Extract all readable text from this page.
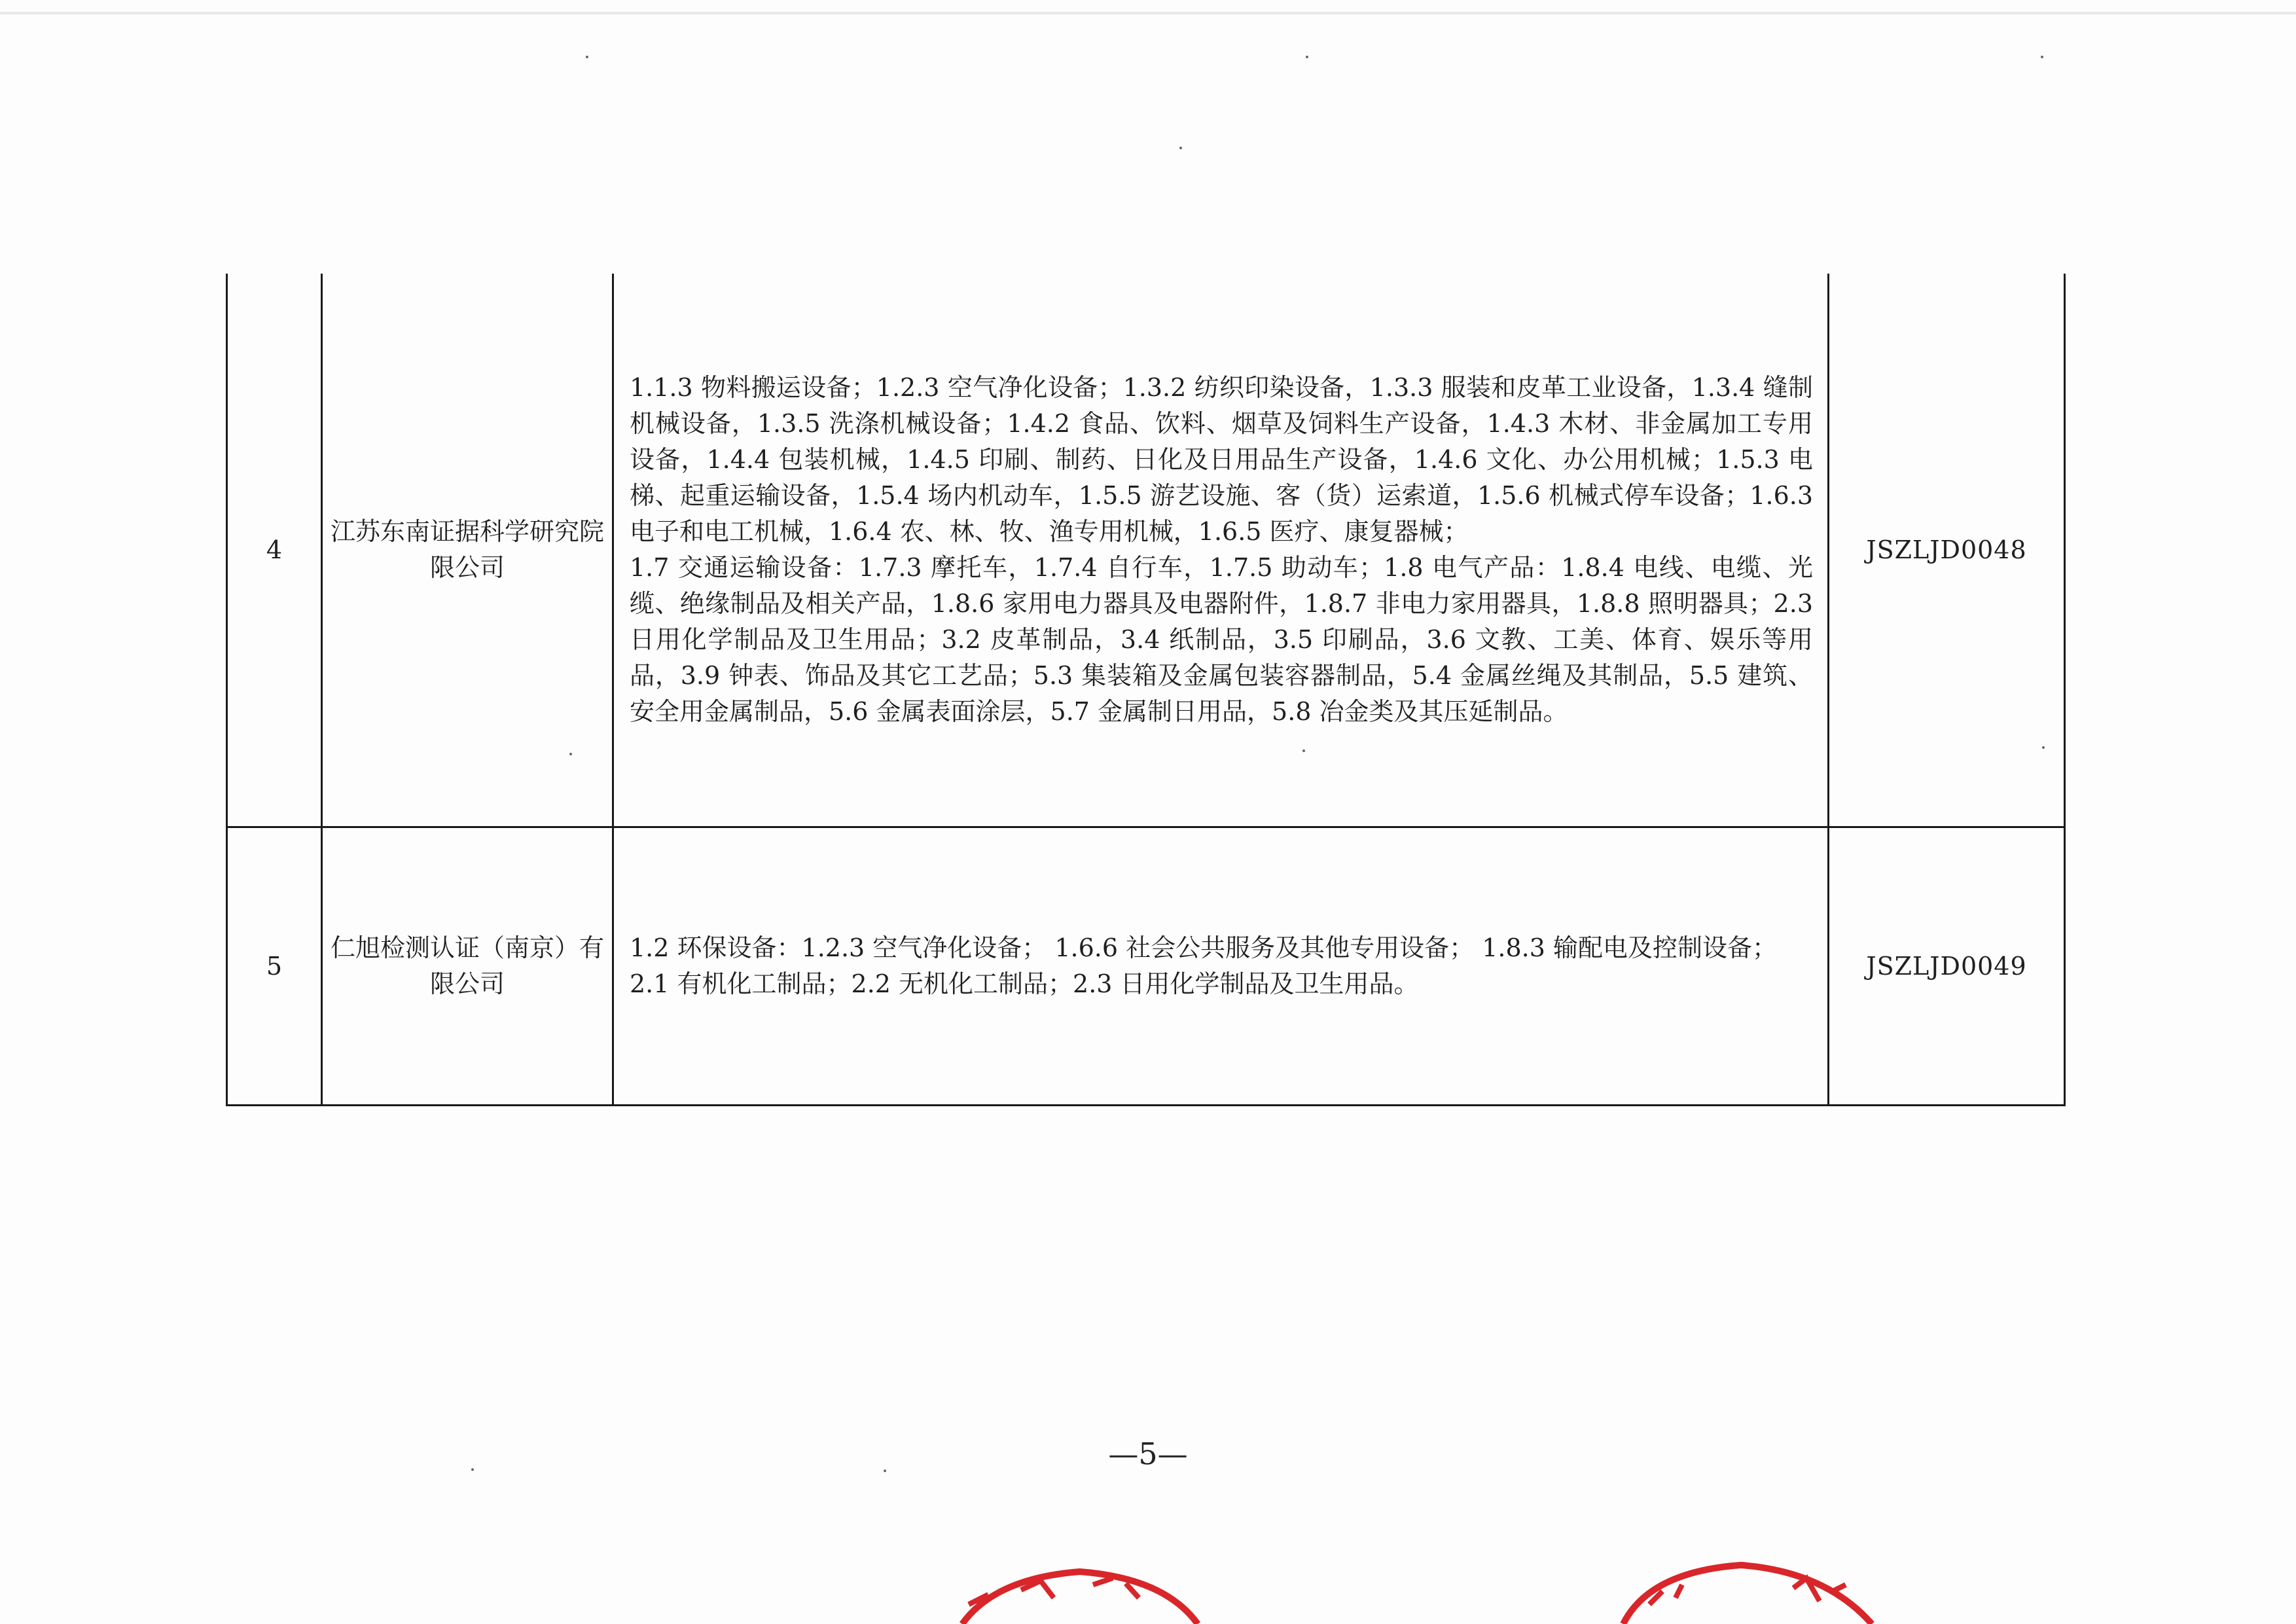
4	江苏东南证据科学研究院限公司	1.1.3 物料搬运设备；1.2.3 空气净化设备；1.3.2 纺织印染设备，1.3.3 服装和皮革工业设备，1.3.4 缝制机械设备，1.3.5 洗涤机械设备；1.4.2 食品、饮料、烟草及饲料生产设备，1.4.3 木材、非金属加工专用设备，1.4.4 包装机械，1.4.5 印刷、制药、日化及日用品生产设备，1.4.6 文化、办公用机械；1.5.3 电梯、起重运输设备，1.5.4 场内机动车，1.5.5 游艺设施、客（货）运索道，1.5.6 机械式停车设备；1.6.3 电子和电工机械，1.6.4 农、林、牧、渔专用机械，1.6.5 医疗、康复器械；
1.7 交通运输设备：1.7.3 摩托车，1.7.4 自行车，1.7.5 助动车；1.8 电气产品：1.8.4 电线、电缆、光缆、绝缘制品及相关产品，1.8.6 家用电力器具及电器附件，1.8.7 非电力家用器具，1.8.8 照明器具；2.3 日用化学制品及卫生用品；3.2 皮革制品，3.4 纸制品，3.5 印刷品，3.6 文教、工美、体育、娱乐等用品，3.9 钟表、饰品及其它工艺品；5.3 集装箱及金属包装容器制品，5.4 金属丝绳及其制品，5.5 建筑、安全用金属制品，5.6 金属表面涂层，5.7 金属制日用品，5.8 冶金类及其压延制品。	JSZLJD0048
5	仁旭检测认证（南京）有限公司	1.2 环保设备：1.2.3 空气净化设备； 1.6.6 社会公共服务及其他专用设备； 1.8.3 输配电及控制设备；
2.1 有机化工制品；2.2 无机化工制品；2.3 日用化学制品及卫生用品。	JSZLJD0049
—5—
